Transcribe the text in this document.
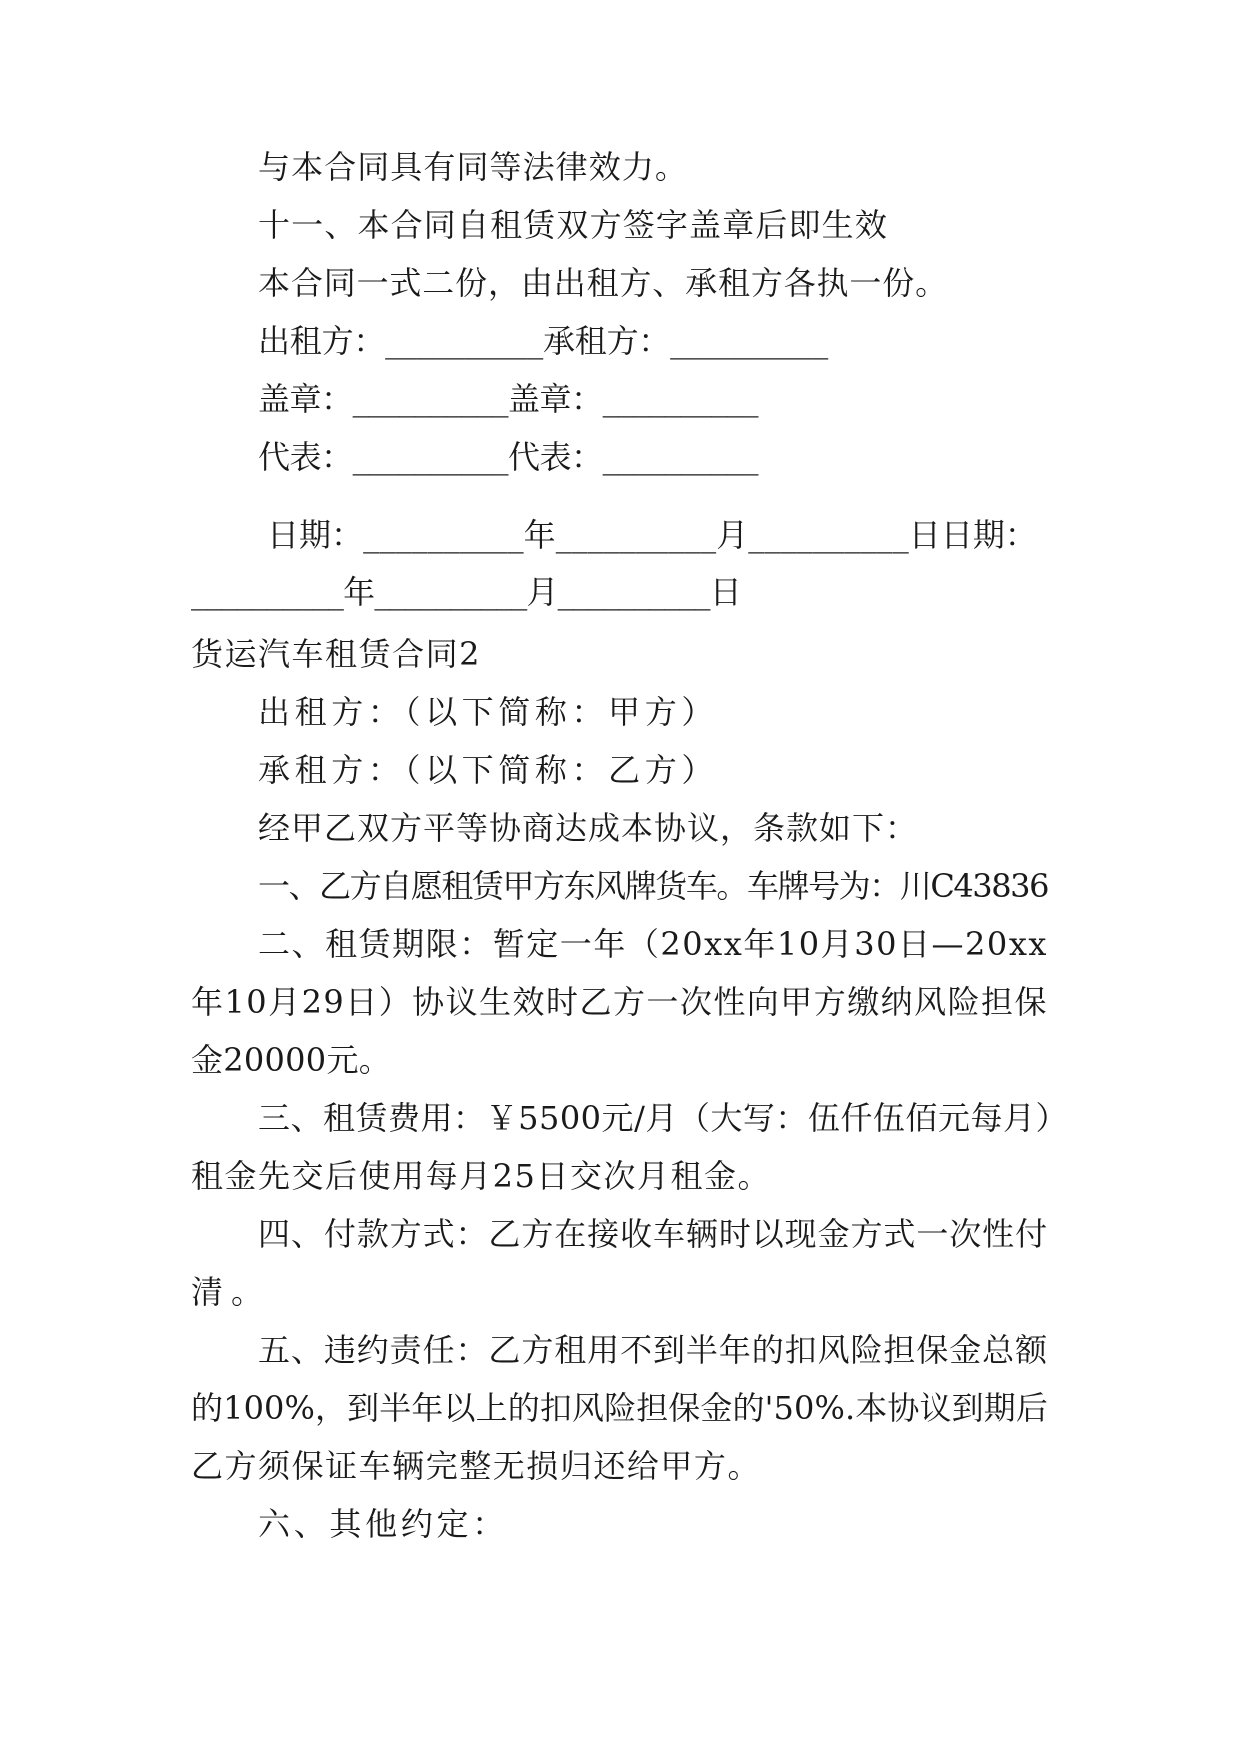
与本合同具有同等法律效力。

十一、本合同自租赁双方签字盖章后即生效

本合同一式二份，由出租方、承租方各执一份。

出租方：__________承租方：__________

盖章：__________盖章：__________

代表：__________代表：__________

日期：__________年__________月__________日日期：

__________年__________月__________日

货运汽车租赁合同2

出租方：（以下简称：甲方）

承租方：（以下简称：乙方）

经甲乙双方平等协商达成本协议，条款如下：

一、乙方自愿租赁甲方东风牌货车。车牌号为：川C43836

二、租赁期限：暂定一年（20xx年10月30日—20xx

年10月29日）协议生效时乙方一次性向甲方缴纳风险担保

金20000元。

三、租赁费用：￥5500元/月（大写：伍仟伍佰元每月）

租金先交后使用每月25日交次月租金。

四、付款方式：乙方在接收车辆时以现金方式一次性付

清。

五、违约责任：乙方租用不到半年的扣风险担保金总额

的100%，到半年以上的扣风险担保金的'50%.本协议到期后

乙方须保证车辆完整无损归还给甲方。

六、其他约定：
